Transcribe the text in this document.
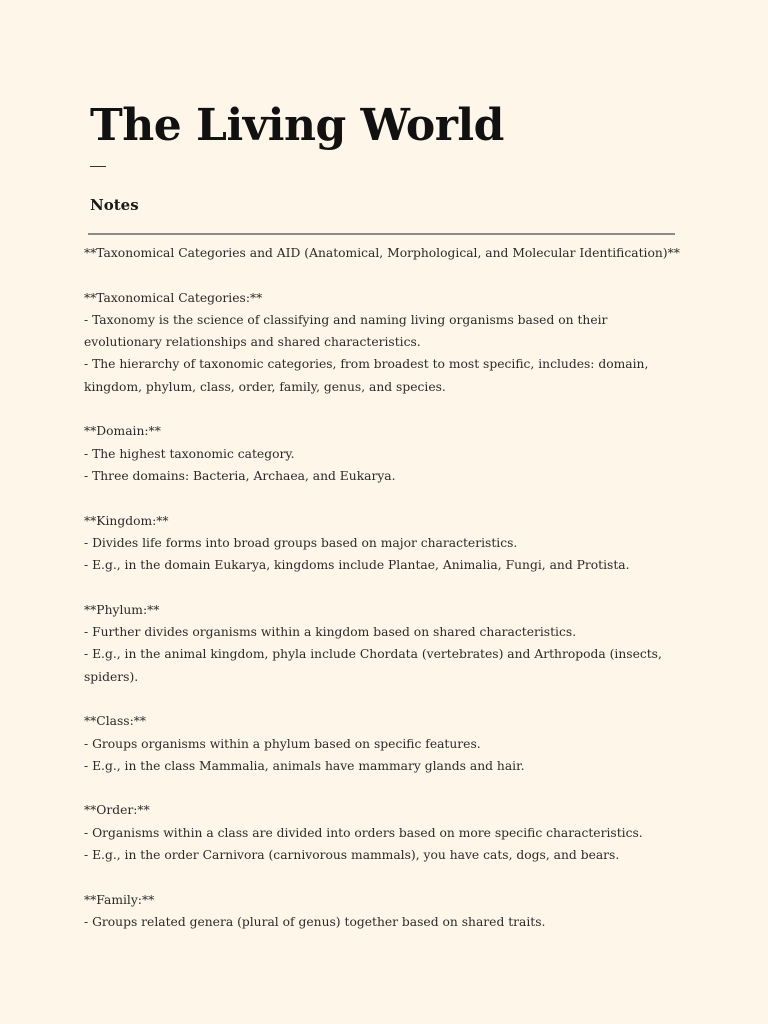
The Living World
Notes
**Taxonomical Categories and AID (Anatomical, Morphological, and Molecular Identification)**
**Taxonomical Categories:**
- Taxonomy is the science of classifying and naming living organisms based on their
evolutionary relationships and shared characteristics.
- The hierarchy of taxonomic categories, from broadest to most specific, includes: domain,
kingdom, phylum, class, order, family, genus, and species.
**Domain:**
- The highest taxonomic category.
- Three domains: Bacteria, Archaea, and Eukarya.
**Kingdom:**
- Divides life forms into broad groups based on major characteristics.
- E.g., in the domain Eukarya, kingdoms include Plantae, Animalia, Fungi, and Protista.
**Phylum:**
- Further divides organisms within a kingdom based on shared characteristics.
- E.g., in the animal kingdom, phyla include Chordata (vertebrates) and Arthropoda (insects,
spiders).
**Class:**
- Groups organisms within a phylum based on specific features.
- E.g., in the class Mammalia, animals have mammary glands and hair.
**Order:**
- Organisms within a class are divided into orders based on more specific characteristics.
- E.g., in the order Carnivora (carnivorous mammals), you have cats, dogs, and bears.
**Family:**
- Groups related genera (plural of genus) together based on shared traits.
